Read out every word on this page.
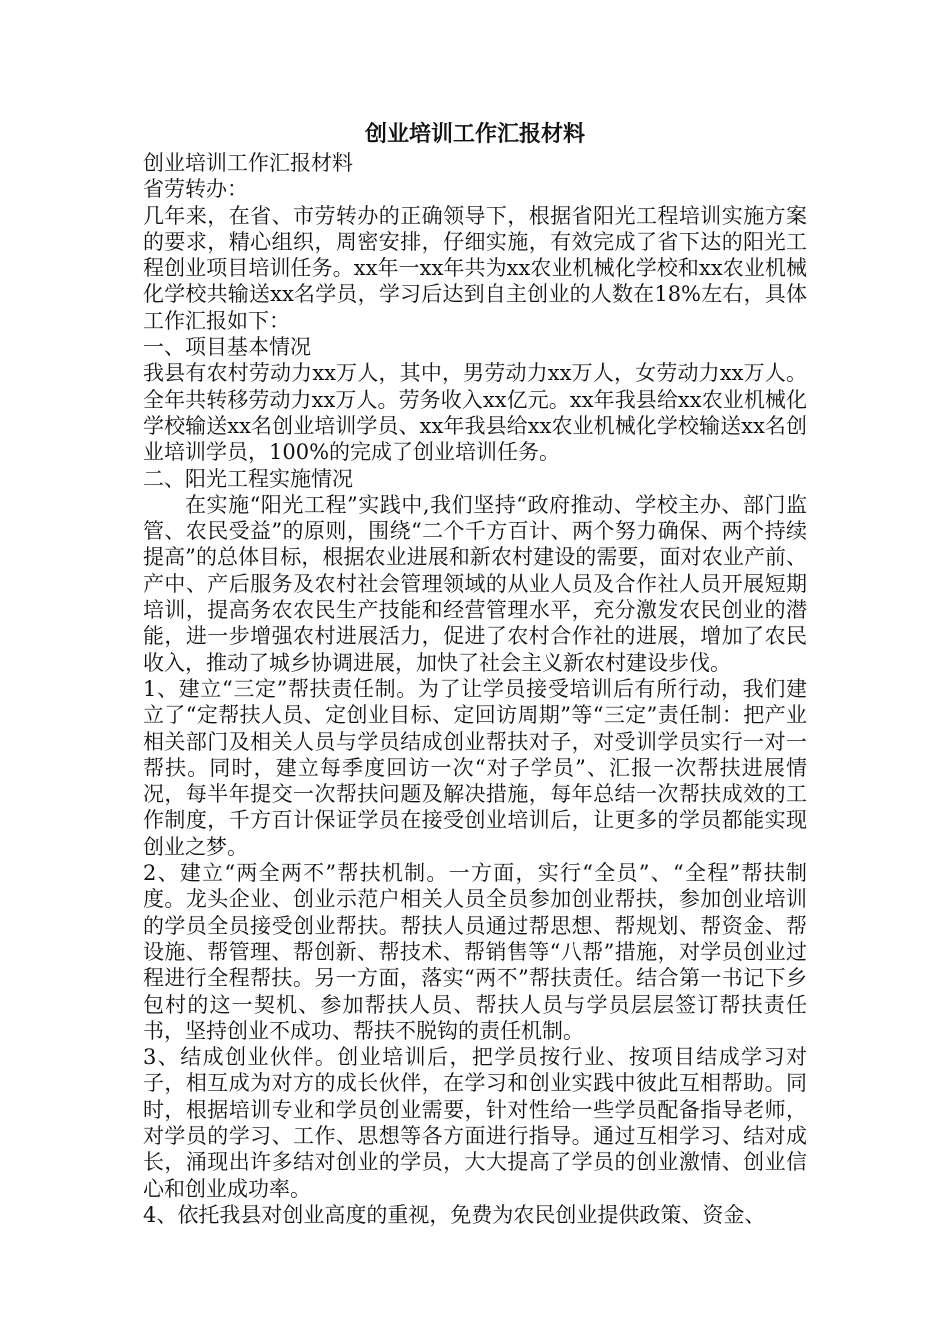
创业培训工作汇报材料

创业培训工作汇报材料

省劳转办：

几年来，在省、市劳转办的正确领导下，根据省阳光工程培训实施方案的要求，精心组织，周密安排，仔细实施，有效完成了省下达的阳光工程创业项目培训任务。xx年一xx年共为xx农业机械化学校和xx农业机械化学校共输送xx名学员，学习后达到自主创业的人数在18%左右，具体工作汇报如下：

一、项目基本情况

我县有农村劳动力xx万人，其中，男劳动力xx万人，女劳动力xx万人。全年共转移劳动力xx万人。劳务收入xx亿元。xx年我县给xx农业机械化学校输送xx名创业培训学员、xx年我县给xx农业机械化学校输送xx名创业培训学员，100%的完成了创业培训任务。

二、阳光工程实施情况

在实施“阳光工程”实践中,我们坚持“政府推动、学校主办、部门监管、农民受益”的原则，围绕“二个千方百计、两个努力确保、两个持续提高”的总体目标，根据农业进展和新农村建设的需要，面对农业产前、产中、产后服务及农村社会管理领域的从业人员及合作社人员开展短期培训，提高务农农民生产技能和经营管理水平，充分激发农民创业的潜能，进一步增强农村进展活力，促进了农村合作社的进展，增加了农民收入，推动了城乡协调进展，加快了社会主义新农村建设步伐。

1、建立“三定”帮扶责任制。为了让学员接受培训后有所行动，我们建立了“定帮扶人员、定创业目标、定回访周期”等“三定”责任制：把产业相关部门及相关人员与学员结成创业帮扶对子，对受训学员实行一对一帮扶。同时，建立每季度回访一次“对子学员”、汇报一次帮扶进展情况，每半年提交一次帮扶问题及解决措施，每年总结一次帮扶成效的工作制度，千方百计保证学员在接受创业培训后，让更多的学员都能实现创业之梦。

2、建立“两全两不”帮扶机制。一方面，实行“全员”、“全程”帮扶制度。龙头企业、创业示范户相关人员全员参加创业帮扶，参加创业培训的学员全员接受创业帮扶。帮扶人员通过帮思想、帮规划、帮资金、帮设施、帮管理、帮创新、帮技术、帮销售等“八帮”措施，对学员创业过程进行全程帮扶。另一方面，落实“两不”帮扶责任。结合第一书记下乡包村的这一契机、参加帮扶人员、帮扶人员与学员层层签订帮扶责任书，坚持创业不成功、帮扶不脱钩的责任机制。

3、结成创业伙伴。创业培训后，把学员按行业、按项目结成学习对子，相互成为对方的成长伙伴，在学习和创业实践中彼此互相帮助。同时，根据培训专业和学员创业需要，针对性给一些学员配备指导老师，对学员的学习、工作、思想等各方面进行指导。通过互相学习、结对成长，涌现出许多结对创业的学员，大大提高了学员的创业激情、创业信心和创业成功率。

4、依托我县对创业高度的重视，免费为农民创业提供政策、资金、
